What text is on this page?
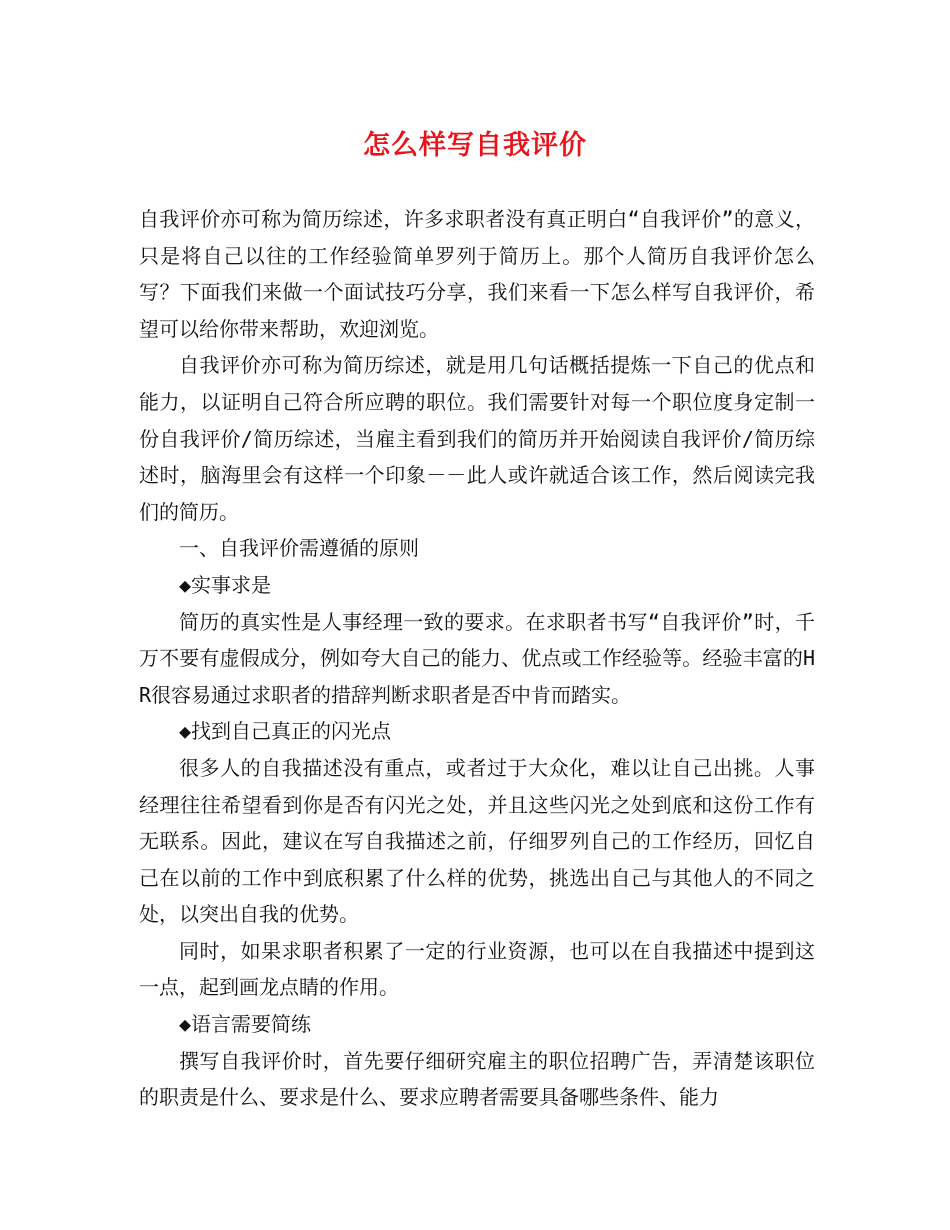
怎么样写自我评价

自我评价亦可称为简历综述，许多求职者没有真正明白“自我评价”的意义，只是将自己以往的工作经验简单罗列于简历上。那个人简历自我评价怎么写？下面我们来做一个面试技巧分享，我们来看一下怎么样写自我评价，希望可以给你带来帮助，欢迎浏览。

自我评价亦可称为简历综述，就是用几句话概括提炼一下自己的优点和能力，以证明自己符合所应聘的职位。我们需要针对每一个职位度身定制一份自我评价/简历综述，当雇主看到我们的简历并开始阅读自我评价/简历综述时，脑海里会有这样一个印象－－此人或许就适合该工作，然后阅读完我们的简历。

一、自我评价需遵循的原则

◆实事求是

简历的真实性是人事经理一致的要求。在求职者书写“自我评价”时，千万不要有虚假成分，例如夸大自己的能力、优点或工作经验等。经验丰富的HR很容易通过求职者的措辞判断求职者是否中肯而踏实。

◆找到自己真正的闪光点

很多人的自我描述没有重点，或者过于大众化，难以让自己出挑。人事经理往往希望看到你是否有闪光之处，并且这些闪光之处到底和这份工作有无联系。因此，建议在写自我描述之前，仔细罗列自己的工作经历，回忆自己在以前的工作中到底积累了什么样的优势，挑选出自己与其他人的不同之处，以突出自我的优势。

同时，如果求职者积累了一定的行业资源，也可以在自我描述中提到这一点，起到画龙点睛的作用。

◆语言需要简练

撰写自我评价时，首先要仔细研究雇主的职位招聘广告，弄清楚该职位的职责是什么、要求是什么、要求应聘者需要具备哪些条件、能力
